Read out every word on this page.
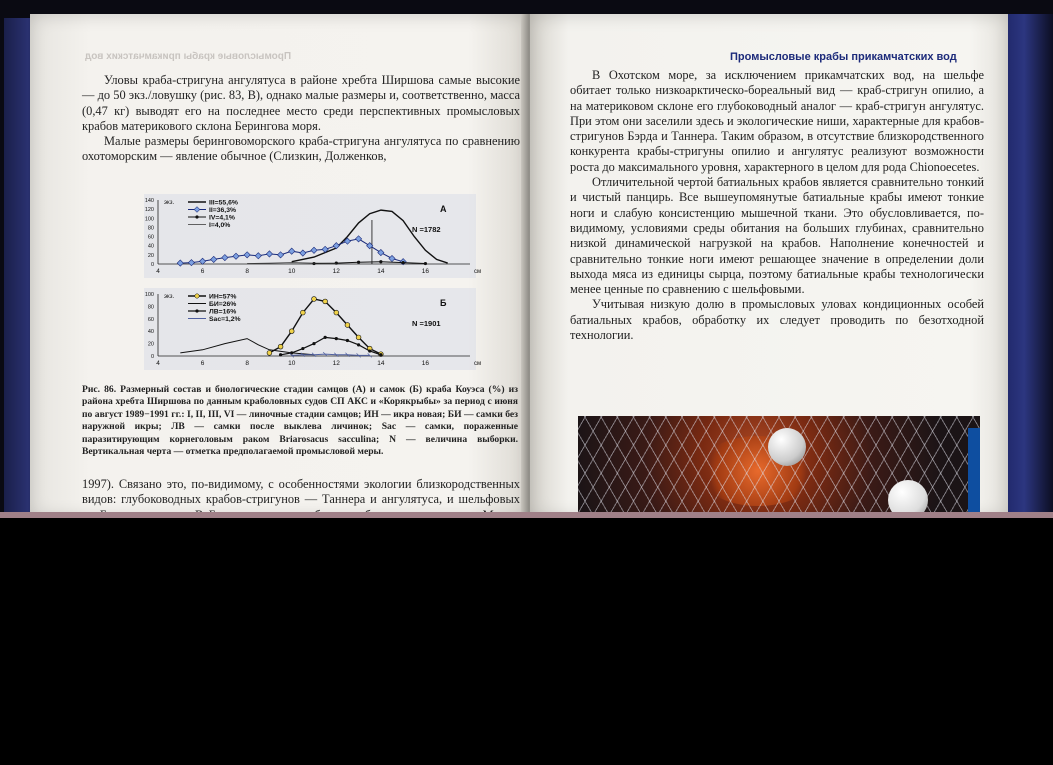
Промысловые крабы прикамчатских вод

Уловы краба-стригуна ангулятуса в районе хребта Ширшова самые высокие — до 50 экз./ловушку (рис. 83, В), однако малые размеры и, соответственно, масса (0,47 кг) выводят его на последнее место среди перспективных промысловых крабов материкового склона Берингова моря.

Малые размеры беринговоморского краба-стригуна ангулятуса по сравнению охотоморским — явление обычное (Слизкин, Долженков,

0
20
40
60
80
100
120
140
4	6	8	10	12	14	16
экз.
см
А
N =1782
III=55,6%
II=36,3%
IV=4,1%
I=4,0%
0
20
40
60
80
100
4	6	8	10	12	14	16
экз.
см
Б
N =1901
ИН=57%
БИ=26%
ЛВ=16%
Sac=1,2%
Рис. 86. Размерный состав и биологические стадии самцов (А) и самок (Б) краба Коуэса (%) из района хребта Ширшова по данным краболовных судов СП АКС и «Корякрыбы» за период с июня по август 1989−1991 гг.: I, II, III, VI — линочные стадии самцов; ИН — икра новая; БИ — самки без наружной икры; ЛВ — самки после выклева личинок; Sac — самки, пораженные паразитирующим корнеголовым раком Briarosacus sacculina; N — величина выборки. Вертикальная черта — отметка предполагаемой промысловой меры.

1997). Связано это, по-видимому, с особенностями экологии близкородственных видов: глубоководных крабов-стригунов — Таннера и ангулятуса, и шельфовых

Промысловые крабы прикамчатских вод

В Охотском море, за исключением прикамчатских вод, на шельфе обитает только низкоарктическо-бореальный вид — краб-стригун опилио, а на материковом склоне его глубоководный аналог — краб-стригун ангулятус. При этом они заселили здесь и экологические ниши, характерные для крабов-стригунов Бэрда и Таннера. Таким образом, в отсутствие близкородственного конкурента крабы-стригуны опилио и ангулятус реализуют возможности роста до максимального уровня, характерного в целом для рода Chionoecetes.

Отличительной чертой батиальных крабов является сравнительно тонкий и чистый панцирь. Все вышеупомянутые батиальные крабы имеют тонкие ноги и слабую консистенцию мышечной ткани. Это обусловливается, по-видимому, условиями среды обитания на больших глубинах, сравнительно низкой динамической нагрузкой на крабов. Наполнение конечностей и сравнительно тонкие ноги имеют решающее значение в определении доли выхода мяса из единицы сырца, поэтому батиальные крабы технологически менее ценные по сравнению с шельфовыми.

Учитывая низкую долю в промысловых уловах кондиционных особей батиальных крабов, обработку их следует проводить по безотходной технологии.
